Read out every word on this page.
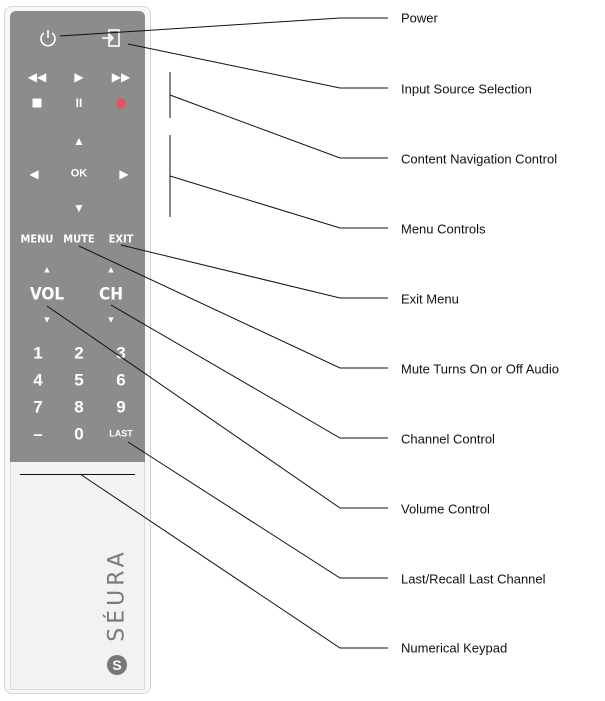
◀◀ ▶ ▶▶
II
▲
◀	OK	▶
▼
MENU MUTE EXIT
▲
VOL
▼
▲
CH
▼
1 2 3
4 5 6
7 8 9
– 0	LAST
SÉURA
S
Power
Input Source Selection
Content Navigation Control
Menu Controls
Exit Menu
Mute Turns On or Off Audio
Channel Control
Volume Control
Last/Recall Last Channel
Numerical Keypad
